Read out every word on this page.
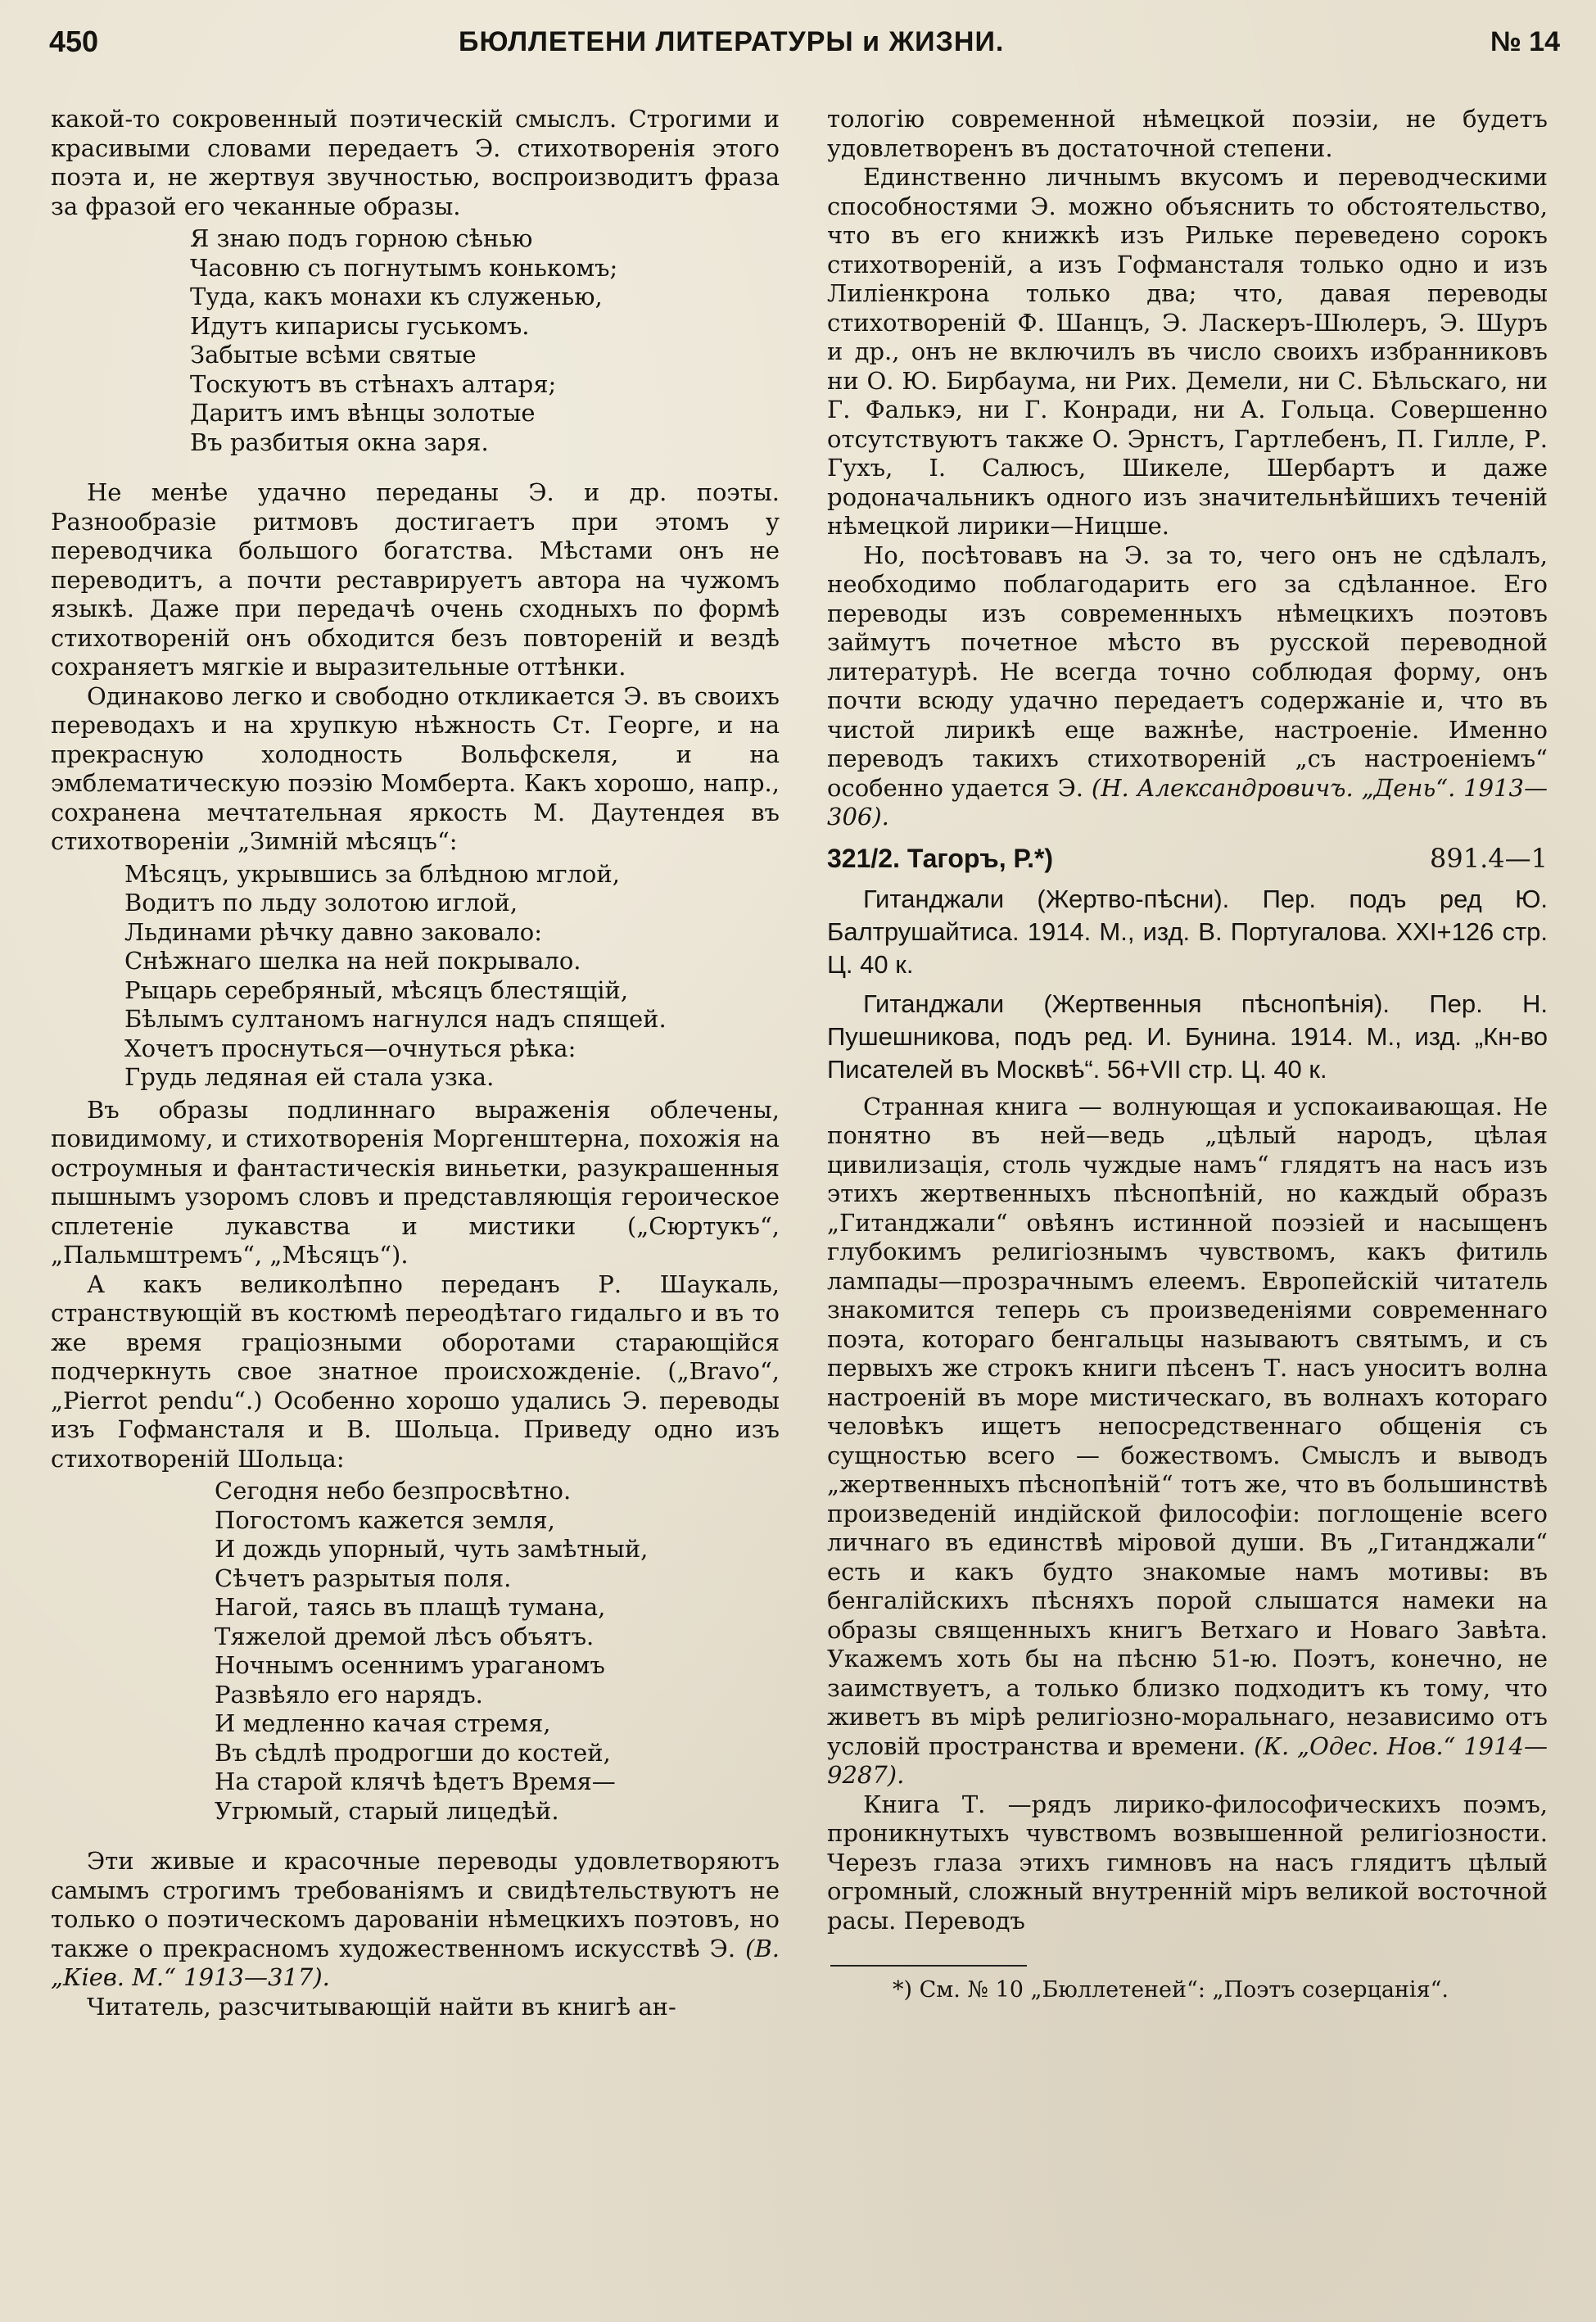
450	БЮЛЛЕТЕНИ ЛИТЕРАТУРЫ и ЖИЗНИ.	№ 14

какой-то сокровенный поэтическій смыслъ. Строгими и красивыми словами передаетъ Э. стихотворенія этого поэта и, не жертвуя звучностью, воспроизводитъ фраза за фразой его чеканные образы.

Я знаю подъ горною сѣнью
Часовню съ погнутымъ конькомъ;
Туда, какъ монахи къ служенью,
Идутъ кипарисы гуськомъ.
Забытые всѣми святые
Тоскуютъ въ стѣнахъ алтаря;
Даритъ имъ вѣнцы золотые
Въ разбитыя окна заря.

Не менѣе удачно переданы Э. и др. поэты. Разнообразіе ритмовъ достигаетъ при этомъ у переводчика большого богатства. Мѣстами онъ не переводитъ, а почти реставрируетъ автора на чужомъ языкѣ. Даже при передачѣ очень сходныхъ по формѣ стихотвореній онъ обходится безъ повтореній и вездѣ сохраняетъ мягкіе и выразительные оттѣнки.

Одинаково легко и свободно откликается Э. въ своихъ переводахъ и на хрупкую нѣжность Ст. Георге, и на прекрасную холодность Вольфскеля, и на эмблематическую поэзію Момберта. Какъ хорошо, напр., сохранена мечтательная яркость М. Даутендея въ стихотвореніи „Зимній мѣсяцъ“:

Мѣсяцъ, укрывшись за блѣдною мглой,
Водитъ по льду золотою иглой,
Льдинами рѣчку давно заковало:
Снѣжнаго шелка на ней покрывало.
Рыцарь серебряный, мѣсяцъ блестящій,
Бѣлымъ султаномъ нагнулся надъ спящей.
Хочетъ проснуться—очнуться рѣка:
Грудь ледяная ей стала узка.

Въ образы подлиннаго выраженія облечены, повидимому, и стихотворенія Моргенштерна, похожія на остроумныя и фантастическія виньетки, разукрашенныя пышнымъ узоромъ словъ и представляющія героическое сплетеніе лукавства и мистики („Сюртукъ“, „Пальмштремъ“, „Мѣсяцъ“).

А какъ великолѣпно переданъ Р. Шаукаль, странствующій въ костюмѣ переодѣтаго гидальго и въ то же время граціозными оборотами старающійся подчеркнуть свое знатное происхожденіе. („Bravo“, „Pierrot pendu“.) Особенно хорошо удались Э. переводы изъ Гофмансталя и В. Шольца. Приведу одно изъ стихотвореній Шольца:

Сегодня небо безпросвѣтно.
Погостомъ кажется земля,
И дождь упорный, чуть замѣтный,
Сѣчетъ разрытыя поля.
Нагой, таясь въ плащѣ тумана,
Тяжелой дремой лѣсъ объятъ.
Ночнымъ осеннимъ ураганомъ
Развѣяло его нарядъ.
И медленно качая стремя,
Въ сѣдлѣ продрогши до костей,
На старой клячѣ ѣдетъ Время—
Угрюмый, старый лицедѣй.

Эти живые и красочные переводы удовлетворяютъ самымъ строгимъ требованіямъ и свидѣтельствуютъ не только о поэтическомъ дарованіи нѣмецкихъ поэтовъ, но также о прекрасномъ художественномъ искусствѣ Э. (В. „Кіев. М.“ 1913—317).

Читатель, разсчитывающій найти въ книгѣ ан-

тологію современной нѣмецкой поэзіи, не будетъ удовлетворенъ въ достаточной степени.

Единственно личнымъ вкусомъ и переводческими способностями Э. можно объяснить то обстоятельство, что въ его книжкѣ изъ Рильке переведено сорокъ стихотвореній, а изъ Гофмансталя только одно и изъ Лиліенкрона только два; что, давая переводы стихотвореній Ф. Шанцъ, Э. Ласкеръ-Шюлеръ, Э. Шуръ и др., онъ не включилъ въ число своихъ избранниковъ ни О. Ю. Бирбаума, ни Рих. Демели, ни С. Бѣльскаго, ни Г. Фалькэ, ни Г. Конради, ни А. Гольца. Совершенно отсутствуютъ также О. Эрнстъ, Гартлебенъ, П. Гилле, Р. Гухъ, І. Салюсъ, Шикеле, Шербартъ и даже родоначальникъ одного изъ значительнѣйшихъ теченій нѣмецкой лирики—Ницше.

Но, посѣтовавъ на Э. за то, чего онъ не сдѣлалъ, необходимо поблагодарить его за сдѣланное. Его переводы изъ современныхъ нѣмецкихъ поэтовъ займутъ почетное мѣсто въ русской переводной литературѣ. Не всегда точно соблюдая форму, онъ почти всюду удачно передаетъ содержаніе и, что въ чистой лирикѣ еще важнѣе, настроеніе. Именно переводъ такихъ стихотвореній „съ настроеніемъ“ особенно удается Э. (Н. Александровичъ. „День“. 1913—306).

321/2. Тагоръ, Р.*)	891.4—1
Гитанджали (Жертво-пѣсни). Пер. подъ ред Ю. Балтрушайтиса. 1914. М., изд. В. Португалова. XXI+126 стр. Ц. 40 к.
Гитанджали (Жертвенныя пѣснопѣнія). Пер. Н. Пушешникова, подъ ред. И. Бунина. 1914. М., изд. „Кн-во Писателей въ Москвѣ“. 56+VII стр. Ц. 40 к.

Странная книга — волнующая и успокаивающая. Не понятно въ ней—ведь „цѣлый народъ, цѣлая цивилизація, столь чуждые намъ“ глядятъ на насъ изъ этихъ жертвенныхъ пѣснопѣній, но каждый образъ „Гитанджали“ овѣянъ истинной поэзіей и насыщенъ глубокимъ религіознымъ чувствомъ, какъ фитиль лампады—прозрачнымъ елеемъ. Европейскій читатель знакомится теперь съ произведеніями современнаго поэта, котораго бенгальцы называютъ святымъ, и съ первыхъ же строкъ книги пѣсенъ Т. насъ уноситъ волна настроеній въ море мистическаго, въ волнахъ котораго человѣкъ ищетъ непосредственнаго общенія съ сущностью всего — божествомъ. Смыслъ и выводъ „жертвенныхъ пѣснопѣній“ тотъ же, что въ большинствѣ произведеній индійской философіи: поглощеніе всего личнаго въ единствѣ міровой души. Въ „Гитанджали“ есть и какъ будто знакомые намъ мотивы: въ бенгалійскихъ пѣсняхъ порой слышатся намеки на образы священныхъ книгъ Ветхаго и Новаго Завѣта. Укажемъ хоть бы на пѣсню 51-ю. Поэтъ, конечно, не заимствуетъ, а только близко подходитъ къ тому, что живетъ въ мірѣ религіозно-моральнаго, независимо отъ условій пространства и времени. (К. „Одес. Нов.“ 1914—9287).

Книга Т. —рядъ лирико-философическихъ поэмъ, проникнутыхъ чувствомъ возвышенной религіозности. Черезъ глаза этихъ гимновъ на насъ глядитъ цѣлый огромный, сложный внутренній міръ великой восточной расы. Переводъ

*) См. № 10 „Бюллетеней“: „Поэтъ созерцанія“.
